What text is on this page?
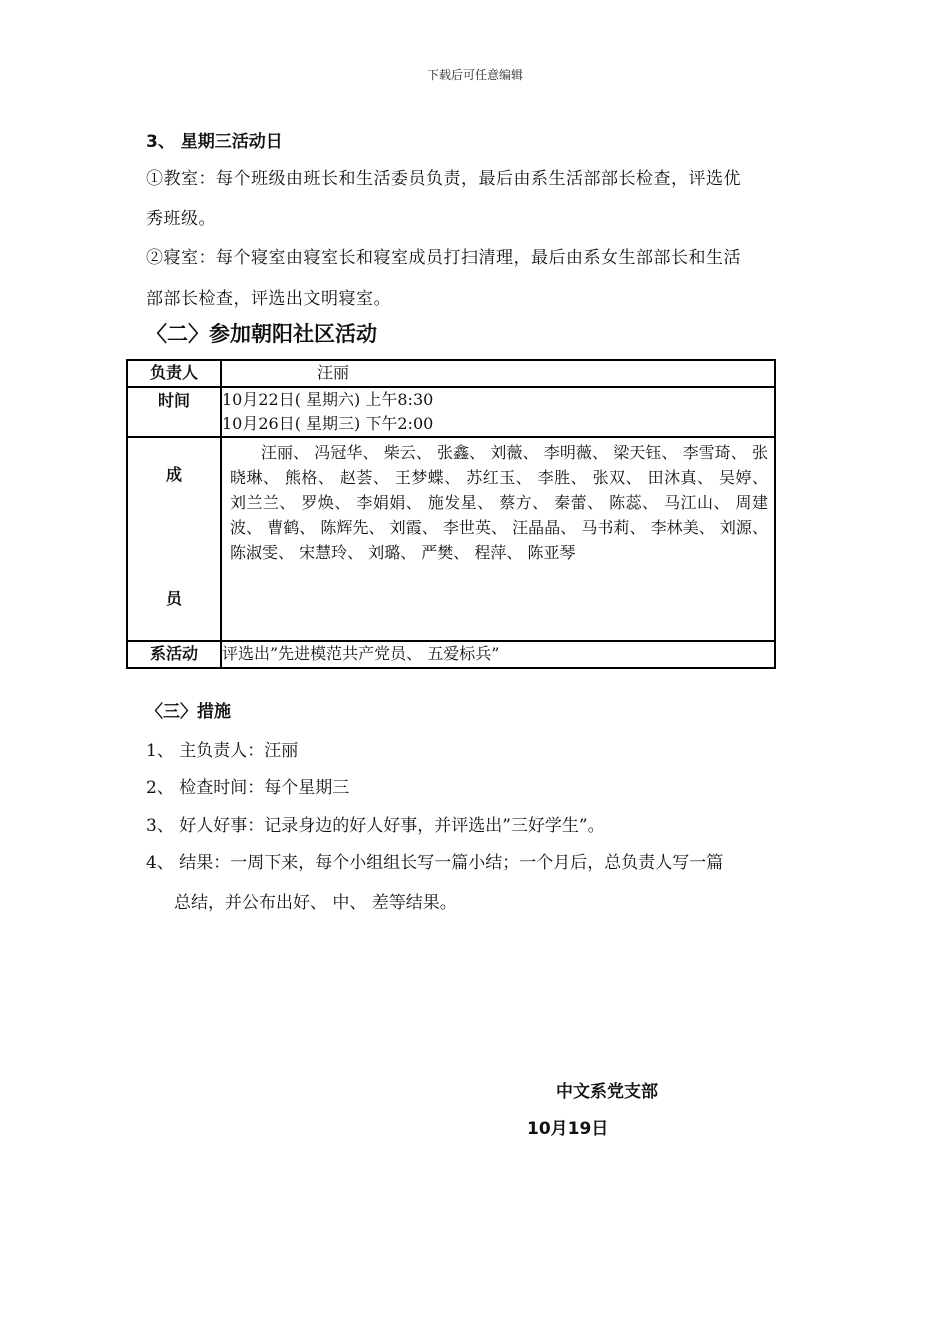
下载后可任意编辑
3、 星期三活动日
①教室：每个班级由班长和生活委员负责，最后由系生活部部长检查，评选优
秀班级。
②寝室：每个寝室由寝室长和寝室成员打扫清理，最后由系女生部部长和生活
部部长检查，评选出文明寝室。
〈二〉参加朝阳社区活动
负责人	汪丽
时间	10月22日( 星期六) 上午8:30
10月26日( 星期三) 下午2:00

成
员	汪丽、 冯冠华、 柴云、 张鑫、 刘薇、 李明薇、 梁天钰、 李雪琦、 张晓琳、 熊格、 赵荟、 王梦蝶、 苏红玉、 李胜、 张双、 田沐真、 吴婷、 刘兰兰、 罗焕、 李娟娟、 施发星、 蔡方、 秦蕾、 陈蕊、 马江山、 周建波、 曹鹤、 陈辉先、 刘霞、 李世英、 汪晶晶、 马书莉、 李林美、 刘源、 陈淑雯、 宋慧玲、 刘璐、 严樊、 程萍、 陈亚琴

系活动	评选出”先进模范共产党员、 五爱标兵”
〈三〉措施
1、 主负责人：汪丽
2、 检查时间：每个星期三
3、 好人好事：记录身边的好人好事，并评选出”三好学生”。
4、 结果：一周下来，每个小组组长写一篇小结；一个月后，总负责人写一篇
总结，并公布出好、 中、 差等结果。
中文系党支部
10月19日
